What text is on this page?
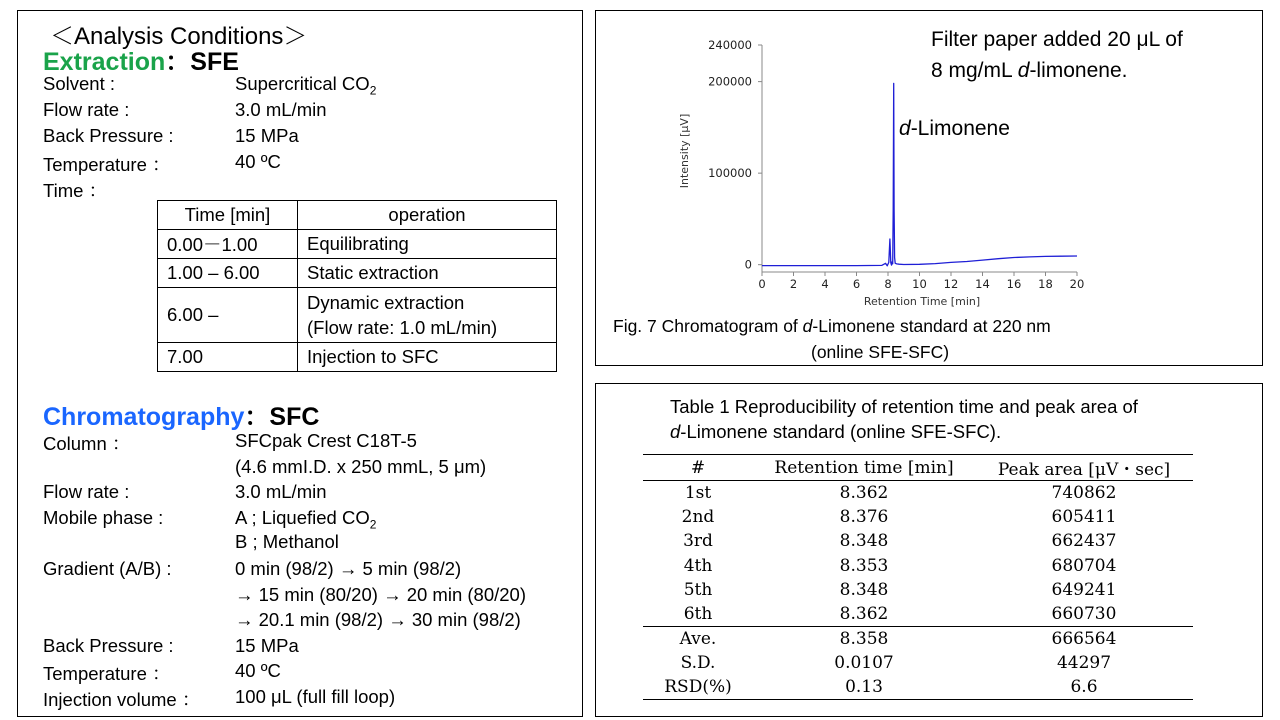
＜Analysis Conditions＞
Extraction：SFE
Solvent :	Supercritical $CO_2$
Flow rate :	3.0 mL/min
Back Pressure :	15 MPa
Temperature ：	40 ºC
Time ：
Time [min]	operation
0.00－1.00	Equilibrating
1.00 – 6.00	Static extraction
6.00 –	Dynamic extraction
(Flow rate: 1.0 mL/min)

7.00	Injection to SFC
Chromatography：SFC
Column ：	SFCpak Crest C18T-5
(4.6 mmI.D. x 250 mmL, 5 μm)
Flow rate :	3.0 mL/min
Mobile phase :	A ; Liquefied $CO_2$
B ; Methanol
Gradient (A/B) :	0 min (98/2) → 5 min (98/2)
→ 15 min (80/20) → 20 min (80/20)
→ 20.1 min (98/2) → 30 min (98/2)
Back Pressure :	15 MPa
Temperature ：	40 ºC
Injection volume ： 100 μL (full fill loop)
0 2 4 6 8 10 12 14 16 18 20
0
100000
200000
240000
Intensity [μV]
Retention Time [min]
Filter paper added 20 μL of
8 mg/mL d-limonene.
d-Limonene
Fig. 7 Chromatogram of d-Limonene standard at 220 nm
(online SFE-SFC)
Table 1 Reproducibility of retention time and peak area of
d-Limonene standard (online SFE-SFC).
#	Retention time [min]	Peak area [μV・sec]
1st	8.362	740862
2nd	8.376	605411
3rd	8.348	662437
4th	8.353	680704
5th	8.348	649241
6th	8.362	660730
Ave.	8.358	666564
S.D.	0.0107	44297
RSD(%)	0.13	6.6
